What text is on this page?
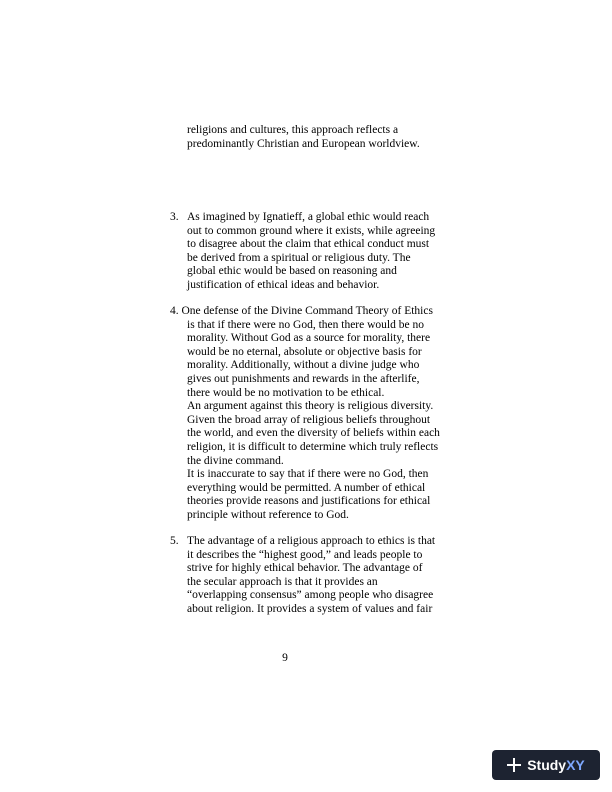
religions and cultures, this approach reflects a
predominantly Christian and European worldview.
3. As imagined by Ignatieff, a global ethic would reach
out to common ground where it exists, while agreeing
to disagree about the claim that ethical conduct must
be derived from a spiritual or religious duty. The
global ethic would be based on reasoning and
justification of ethical ideas and behavior.
4. One defense of the Divine Command Theory of Ethics
is that if there were no God, then there would be no
morality. Without God as a source for morality, there
would be no eternal, absolute or objective basis for
morality. Additionally, without a divine judge who
gives out punishments and rewards in the afterlife,
there would be no motivation to be ethical.
An argument against this theory is religious diversity.
Given the broad array of religious beliefs throughout
the world, and even the diversity of beliefs within each
religion, it is difficult to determine which truly reflects
the divine command.
It is inaccurate to say that if there were no God, then
everything would be permitted. A number of ethical
theories provide reasons and justifications for ethical
principle without reference to God.
5. The advantage of a religious approach to ethics is that
it describes the “highest good,” and leads people to
strive for highly ethical behavior. The advantage of
the secular approach is that it provides an
“overlapping consensus” among people who disagree
about religion. It provides a system of values and fair
9
StudyXY
